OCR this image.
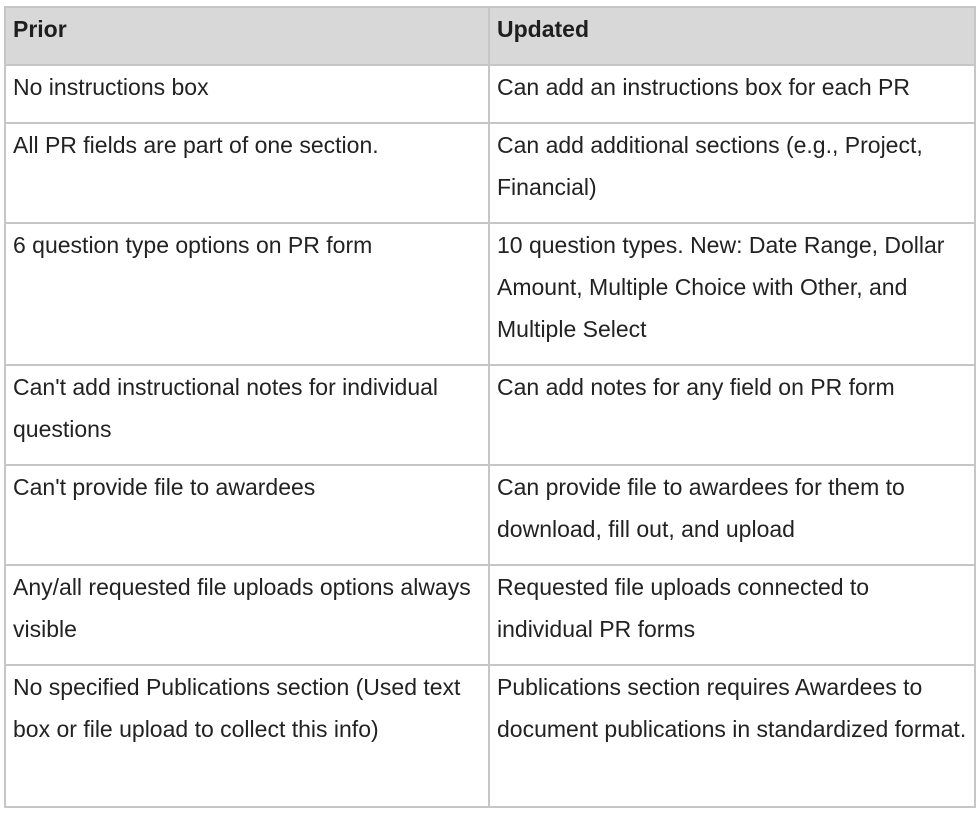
Prior	Updated
No instructions box	Can add an instructions box for each PR
All PR fields are part of one section.	Can add additional sections (e.g., Project, Financial)
6 question type options on PR form	10 question types. New: Date Range, Dollar Amount, Multiple Choice with Other, and Multiple Select
Can't add instructional notes for individual questions	Can add notes for any field on PR form
Can't provide file to awardees	Can provide file to awardees for them to download, fill out, and upload
Any/all requested file uploads options always visible	Requested file uploads connected to individual PR forms
No specified Publications section (Used text box or file upload to collect this info)	Publications section requires Awardees to document publications in standardized format.
